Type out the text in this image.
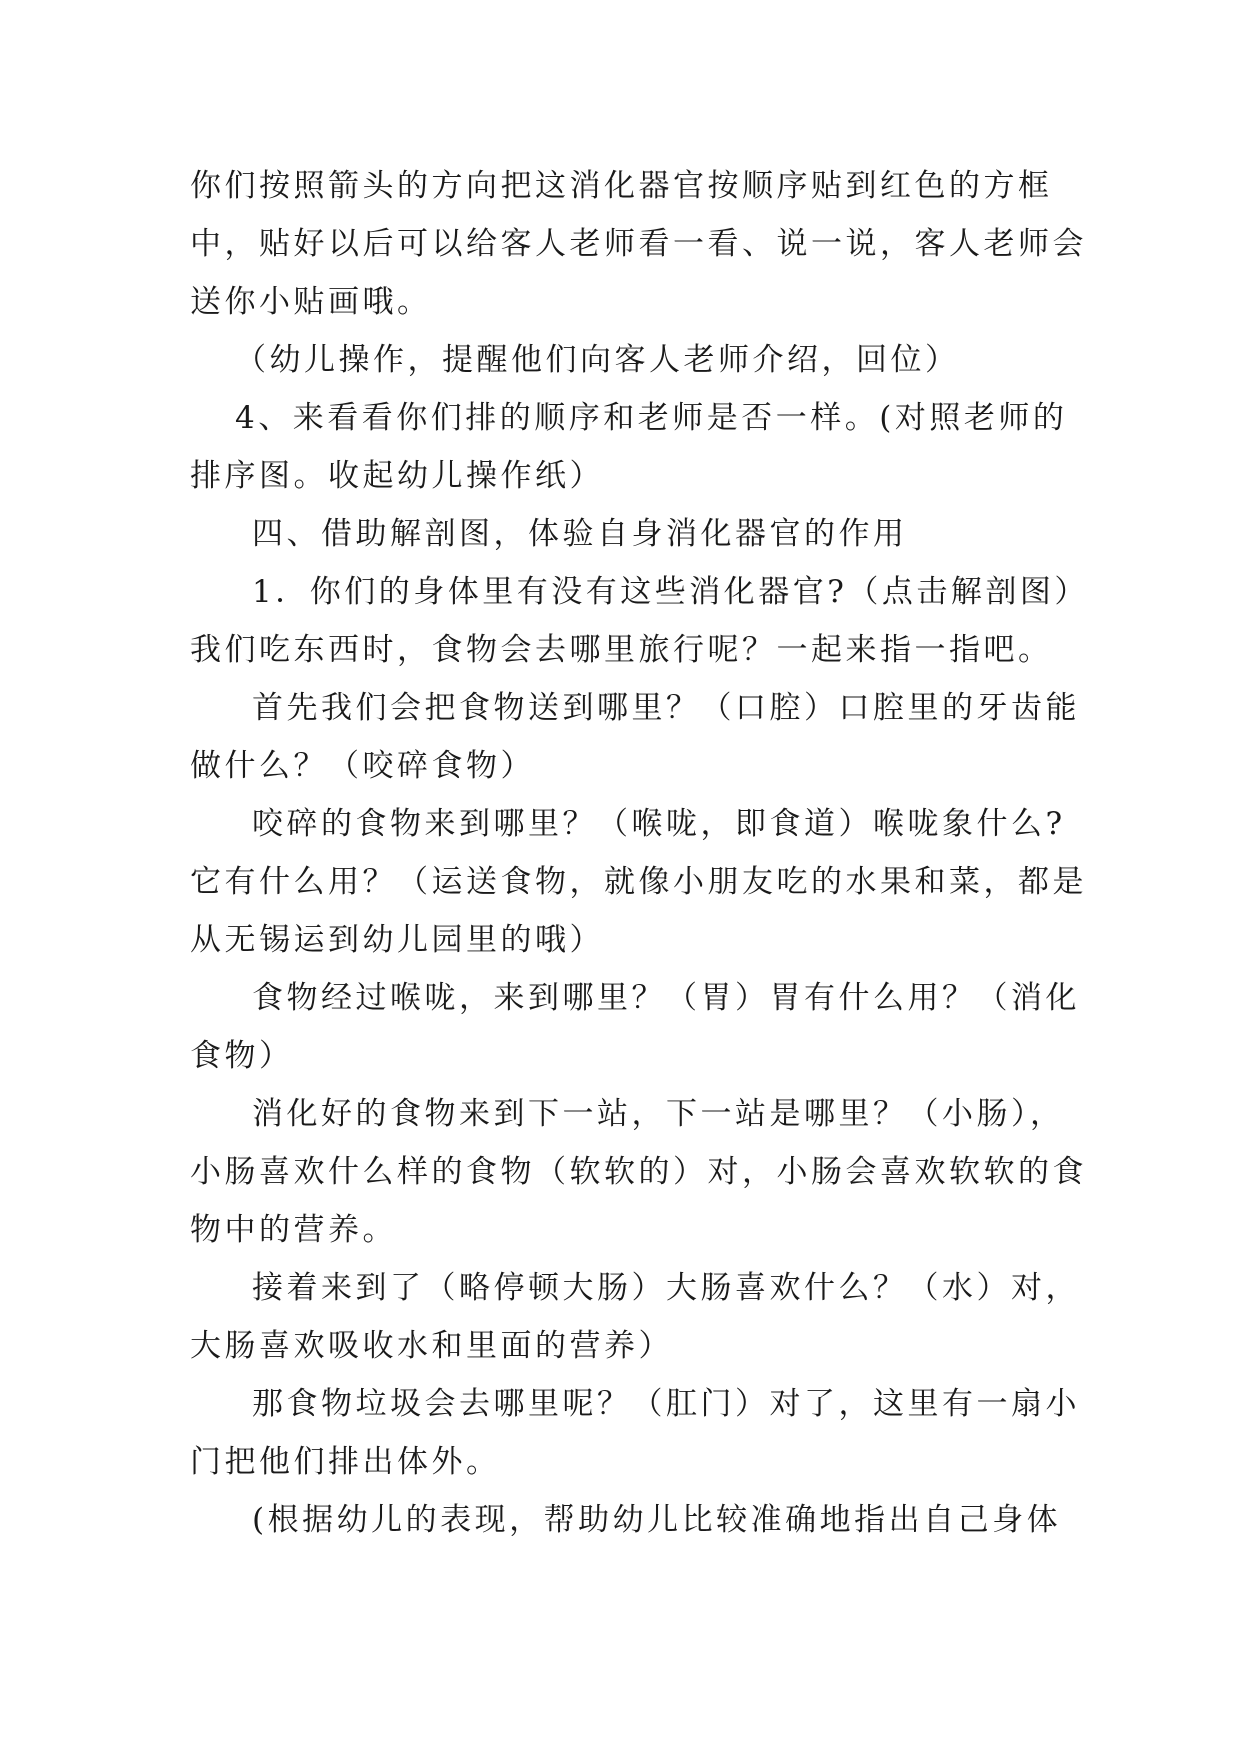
你们按照箭头的方向把这消化器官按顺序贴到红色的方框
中，贴好以后可以给客人老师看一看、说一说，客人老师会
送你小贴画哦。
（幼儿操作，提醒他们向客人老师介绍，回位）
4、来看看你们排的顺序和老师是否一样。(对照老师的
排序图。收起幼儿操作纸）
四、借助解剖图，体验自身消化器官的作用
1．你们的身体里有没有这些消化器官?（点击解剖图）
我们吃东西时，食物会去哪里旅行呢？一起来指一指吧。
首先我们会把食物送到哪里？（口腔）口腔里的牙齿能
做什么？（咬碎食物）
咬碎的食物来到哪里？（喉咙，即食道）喉咙象什么?
它有什么用？（运送食物，就像小朋友吃的水果和菜，都是
从无锡运到幼儿园里的哦）
食物经过喉咙，来到哪里？（胃）胃有什么用？（消化
食物）
消化好的食物来到下一站，下一站是哪里？（小肠），
小肠喜欢什么样的食物（软软的）对，小肠会喜欢软软的食
物中的营养。
接着来到了（略停顿大肠）大肠喜欢什么？（水）对，
大肠喜欢吸收水和里面的营养）
那食物垃圾会去哪里呢？（肛门）对了，这里有一扇小
门把他们排出体外。
(根据幼儿的表现，帮助幼儿比较准确地指出自己身体
